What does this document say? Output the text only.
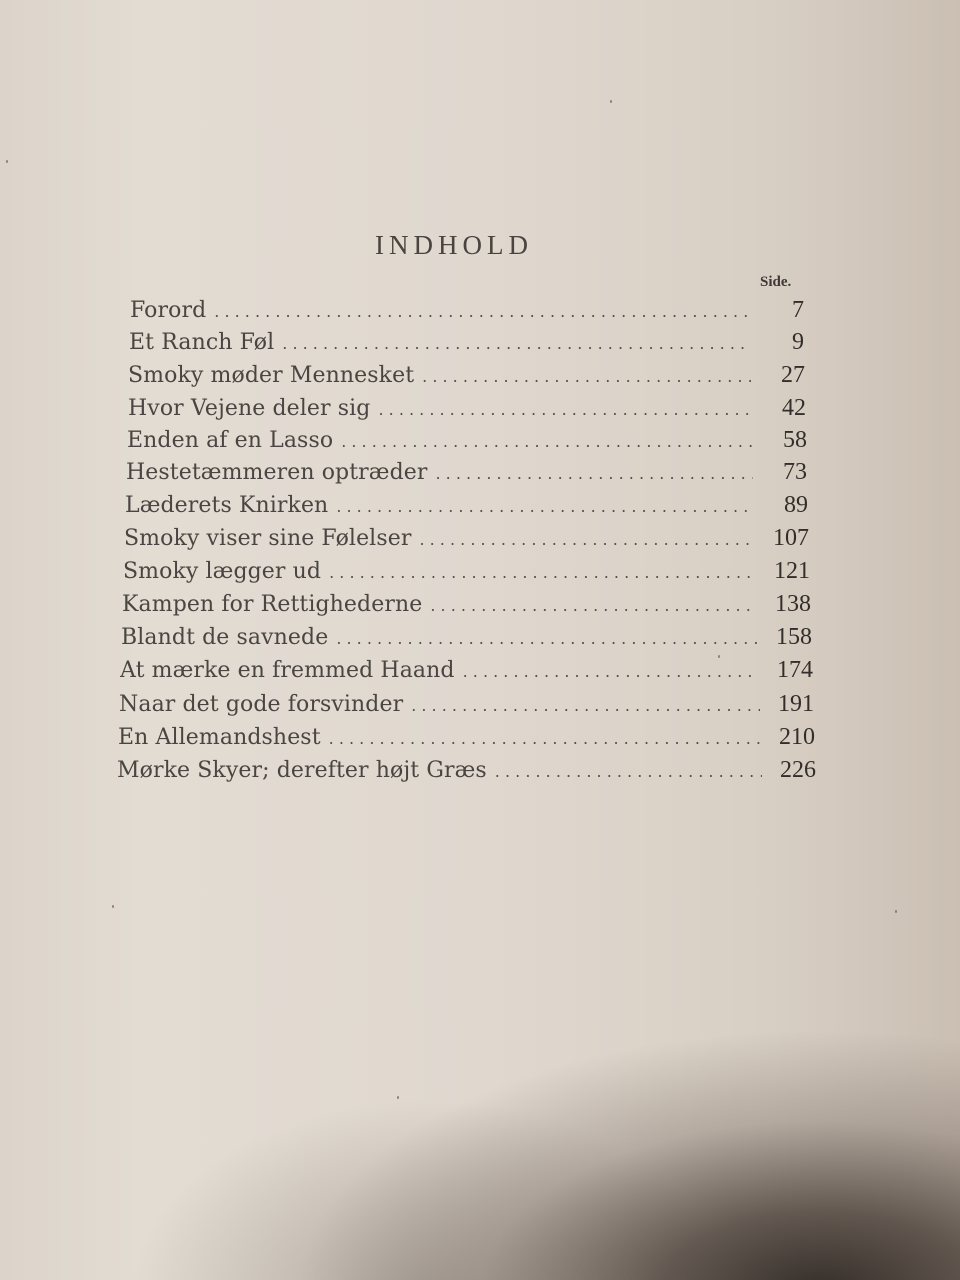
INDHOLD
Side.
Forord . . .	7
Et Ranch Føl . . .	9
Smoky møder Mennesket . . .	27
Hvor Vejene deler sig . . .	42
Enden af en Lasso . . .	58
Hestetæmmeren optræder . . .	73
Læderets Knirken . . .	89
Smoky viser sine Følelser . . .	107
Smoky lægger ud . . .	121
Kampen for Rettighederne . . .	138
Blandt de savnede . . .	158
At mærke en fremmed Haand . . .	174
Naar det gode forsvinder . . .	191
En Allemandshest . . .	210
Mørke Skyer; derefter højt Græs . . .	226
